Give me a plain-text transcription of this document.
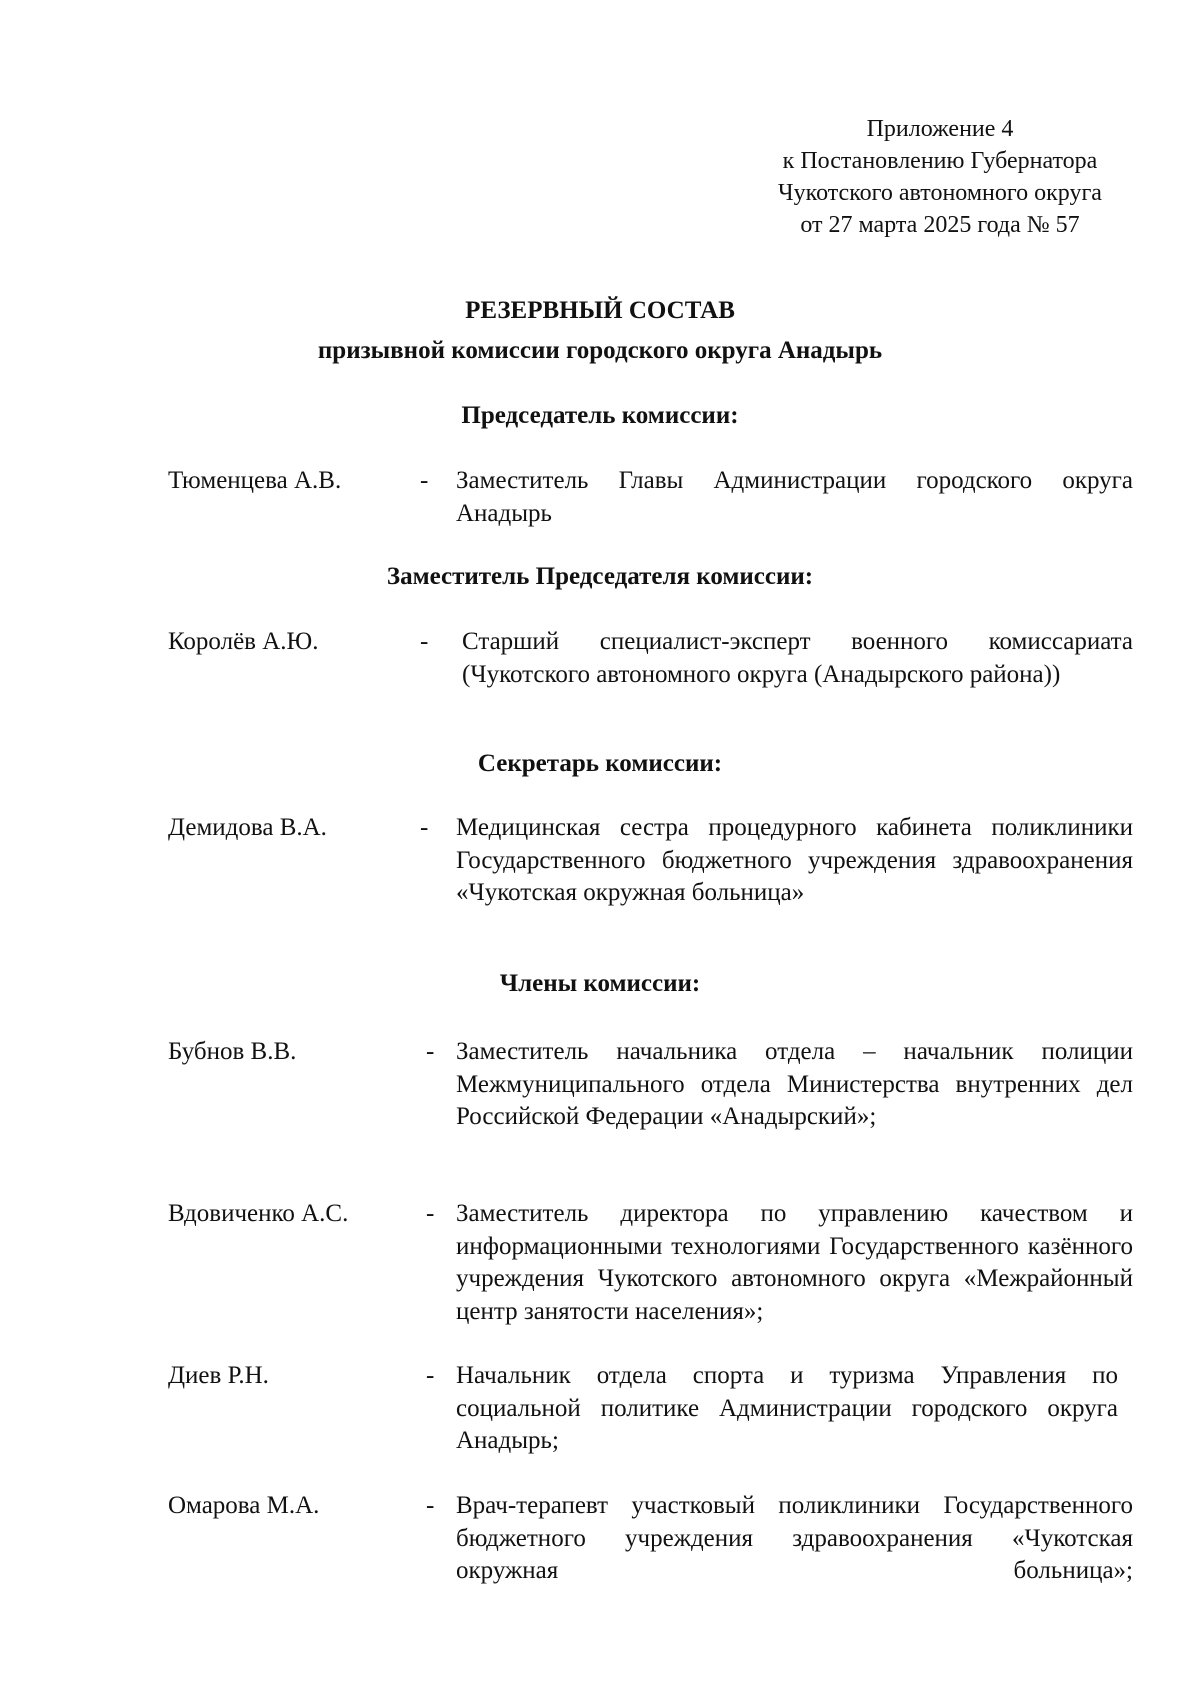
Приложение 4
к Постановлению Губернатора
Чукотского автономного округа
от 27 марта 2025 года № 57
РЕЗЕРВНЫЙ СОСТАВ
призывной комиссии городского округа Анадырь
Председатель комиссии:
Тюменцева А.В.	- Заместитель Главы Администрации городского округа Анадырь
Заместитель Председателя комиссии:
Королёв А.Ю.	- Старший специалист-эксперт военного комиссариата (Чукотского автономного округа (Анадырского района))
Секретарь комиссии:
Демидова В.А.	- Медицинская сестра процедурного кабинета поликлиники Государственного бюджетного учреждения здравоохранения «Чукотская окружная больница»
Члены комиссии:
Бубнов В.В.	- Заместитель начальника отдела – начальник полиции Межмуниципального отдела Министерства внутренних дел Российской Федерации «Анадырский»;
Вдовиченко А.С.	- Заместитель директора по управлению качеством и информационными технологиями Государственного казённого учреждения Чукотского автономного округа «Межрайонный центр занятости населения»;
Диев Р.Н.	- Начальник отдела спорта и туризма Управления по социальной политике Администрации городского округа Анадырь;
Омарова М.А.	- Врач-терапевт участковый поликлиники Государственного бюджетного учреждения здравоохранения «Чукотская окружная больница»;
